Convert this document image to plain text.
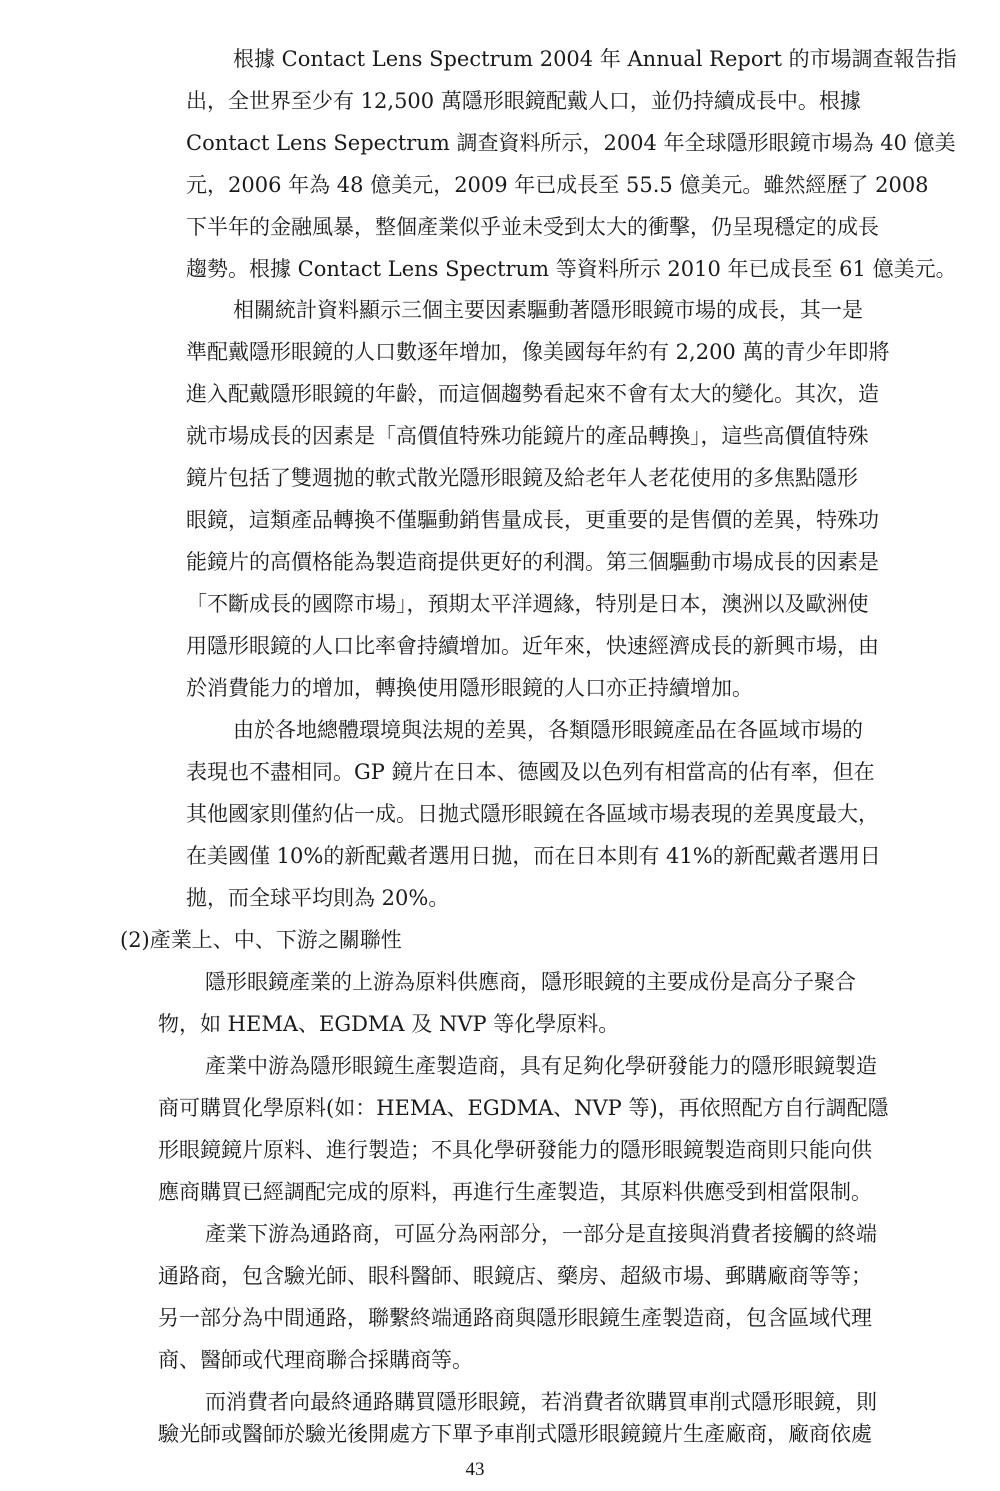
根據 Contact Lens Spectrum 2004 年 Annual Report 的市場調查報告指
出，全世界至少有 12,500 萬隱形眼鏡配戴人口，並仍持續成長中。根據
Contact Lens Sepectrum 調查資料所示，2004 年全球隱形眼鏡市場為 40 億美
元，2006 年為 48 億美元，2009 年已成長至 55.5 億美元。雖然經歷了 2008
下半年的金融風暴，整個產業似乎並未受到太大的衝擊，仍呈現穩定的成長
趨勢。根據 Contact Lens Spectrum 等資料所示 2010 年已成長至 61 億美元。
相關統計資料顯示三個主要因素驅動著隱形眼鏡市場的成長，其一是
準配戴隱形眼鏡的人口數逐年增加，像美國每年約有 2,200 萬的青少年即將
進入配戴隱形眼鏡的年齡，而這個趨勢看起來不會有太大的變化。其次，造
就市場成長的因素是「高價值特殊功能鏡片的產品轉換」，這些高價值特殊
鏡片包括了雙週拋的軟式散光隱形眼鏡及給老年人老花使用的多焦點隱形
眼鏡，這類產品轉換不僅驅動銷售量成長，更重要的是售價的差異，特殊功
能鏡片的高價格能為製造商提供更好的利潤。第三個驅動市場成長的因素是
「不斷成長的國際市場」，預期太平洋週緣，特別是日本，澳洲以及歐洲使
用隱形眼鏡的人口比率會持續增加。近年來，快速經濟成長的新興市場，由
於消費能力的增加，轉換使用隱形眼鏡的人口亦正持續增加。
由於各地總體環境與法規的差異，各類隱形眼鏡產品在各區域市場的
表現也不盡相同。GP 鏡片在日本、德國及以色列有相當高的佔有率，但在
其他國家則僅約佔一成。日拋式隱形眼鏡在各區域市場表現的差異度最大，
在美國僅 10%的新配戴者選用日拋，而在日本則有 41%的新配戴者選用日
拋，而全球平均則為 20%。
(2)產業上、中、下游之關聯性
隱形眼鏡產業的上游為原料供應商，隱形眼鏡的主要成份是高分子聚合
物，如 HEMA、EGDMA 及 NVP 等化學原料。
產業中游為隱形眼鏡生產製造商，具有足夠化學研發能力的隱形眼鏡製造
商可購買化學原料(如：HEMA、EGDMA、NVP 等)，再依照配方自行調配隱
形眼鏡鏡片原料、進行製造；不具化學研發能力的隱形眼鏡製造商則只能向供
應商購買已經調配完成的原料，再進行生產製造，其原料供應受到相當限制。
產業下游為通路商，可區分為兩部分，一部分是直接與消費者接觸的終端
通路商，包含驗光師、眼科醫師、眼鏡店、藥房、超級市場、郵購廠商等等；
另一部分為中間通路，聯繫終端通路商與隱形眼鏡生產製造商，包含區域代理
商、醫師或代理商聯合採購商等。
而消費者向最終通路購買隱形眼鏡，若消費者欲購買車削式隱形眼鏡，則
驗光師或醫師於驗光後開處方下單予車削式隱形眼鏡鏡片生產廠商，廠商依處
43
